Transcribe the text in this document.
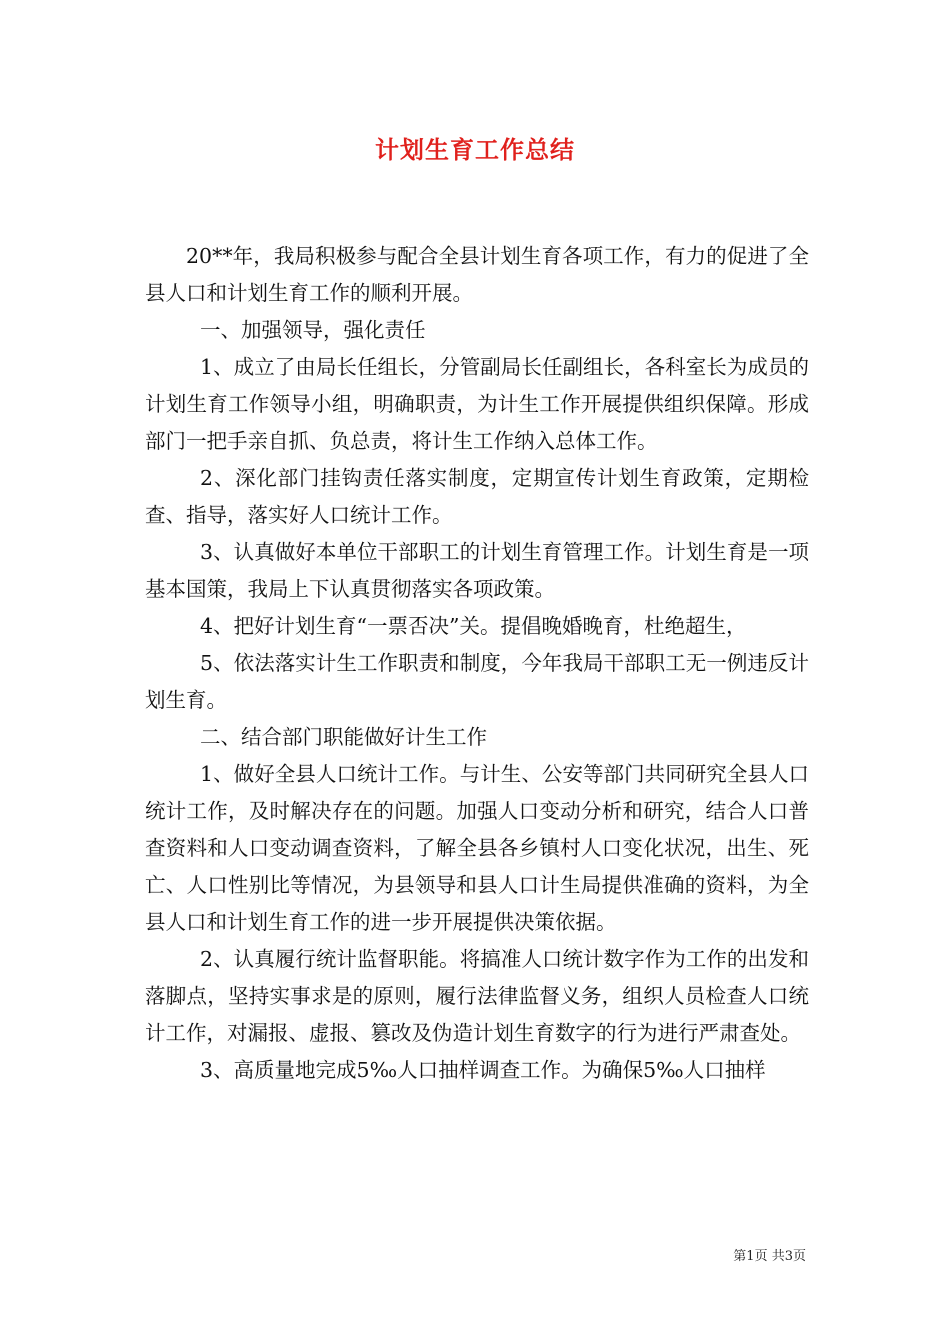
计划生育工作总结

20**年，我局积极参与配合全县计划生育各项工作，有力的促进了全县人口和计划生育工作的顺利开展。

一、加强领导，强化责任

1、成立了由局长任组长，分管副局长任副组长，各科室长为成员的计划生育工作领导小组，明确职责，为计生工作开展提供组织保障。形成部门一把手亲自抓、负总责，将计生工作纳入总体工作。

2、深化部门挂钩责任落实制度，定期宣传计划生育政策，定期检查、指导，落实好人口统计工作。

3、认真做好本单位干部职工的计划生育管理工作。计划生育是一项基本国策，我局上下认真贯彻落实各项政策。

4、把好计划生育“一票否决”关。提倡晚婚晚育，杜绝超生，

5、依法落实计生工作职责和制度，今年我局干部职工无一例违反计划生育。

二、结合部门职能做好计生工作

1、做好全县人口统计工作。与计生、公安等部门共同研究全县人口统计工作，及时解决存在的问题。加强人口变动分析和研究，结合人口普查资料和人口变动调查资料，了解全县各乡镇村人口变化状况，出生、死亡、人口性别比等情况，为县领导和县人口计生局提供准确的资料，为全县人口和计划生育工作的进一步开展提供决策依据。

2、认真履行统计监督职能。将搞准人口统计数字作为工作的出发和落脚点，坚持实事求是的原则，履行法律监督义务，组织人员检查人口统计工作，对漏报、虚报、篡改及伪造计划生育数字的行为进行严肃查处。

3、高质量地完成5‰人口抽样调查工作。为确保5‰人口抽样

第1页 共3页
